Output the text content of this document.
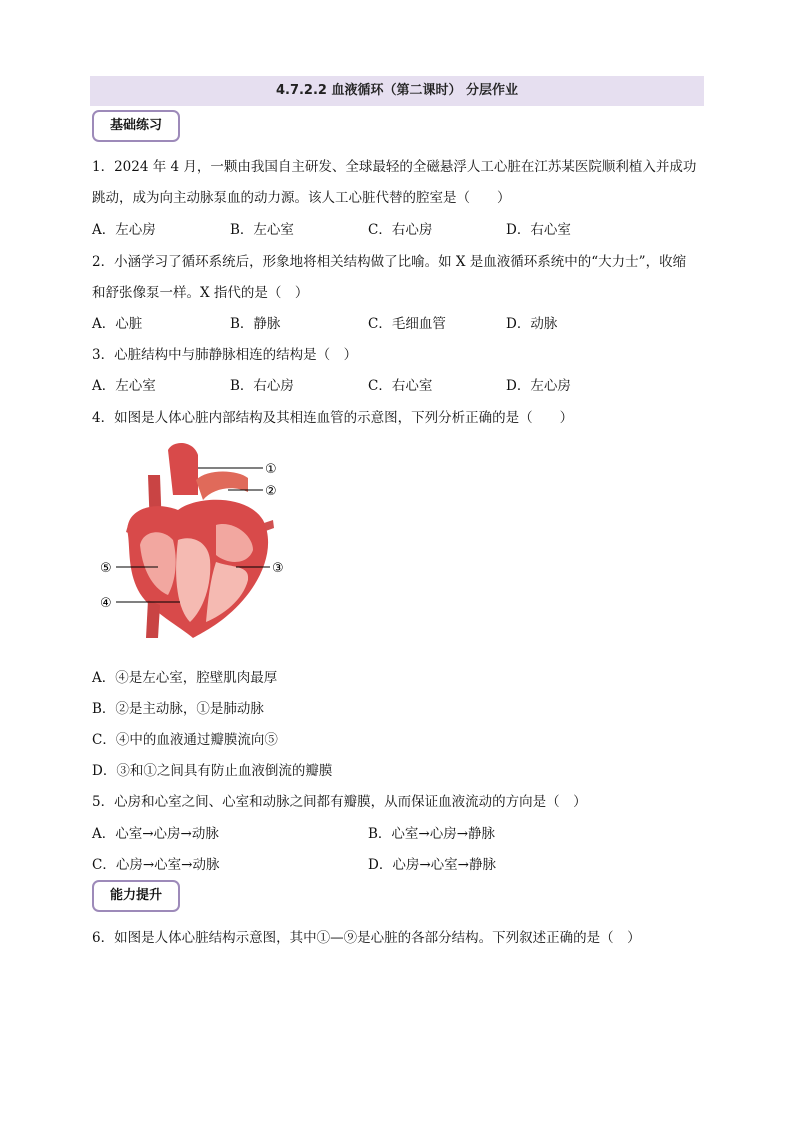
4.7.2.2 血液循环（第二课时） 分层作业
基础练习
1．2024 年 4 月，一颗由我国自主研发、全球最轻的全磁悬浮人工心脏在江苏某医院顺利植入并成功
跳动，成为向主动脉泵血的动力源。该人工心脏代替的腔室是（　　）
A．左心房	B．左心室	C．右心房	D．右心室
2．小涵学习了循环系统后，形象地将相关结构做了比喻。如 X 是血液循环系统中的“大力士”，收缩
和舒张像泵一样。X 指代的是（　）
A．心脏	B．静脉	C．毛细血管	D．动脉
3．心脏结构中与肺静脉相连的结构是（　）
A．左心室	B．右心房	C．右心室	D．左心房
4．如图是人体心脏内部结构及其相连血管的示意图，下列分析正确的是（　　）
①
②
③
④
⑤
A．④是左心室，腔壁肌肉最厚
B．②是主动脉，①是肺动脉
C．④中的血液通过瓣膜流向⑤
D．③和①之间具有防止血液倒流的瓣膜
5．心房和心室之间、心室和动脉之间都有瓣膜，从而保证血液流动的方向是（　）
A．心室→心房→动脉	B．心室→心房→静脉
C．心房→心室→动脉	D．心房→心室→静脉
能力提升
6．如图是人体心脏结构示意图，其中①—⑨是心脏的各部分结构。下列叙述正确的是（　）
